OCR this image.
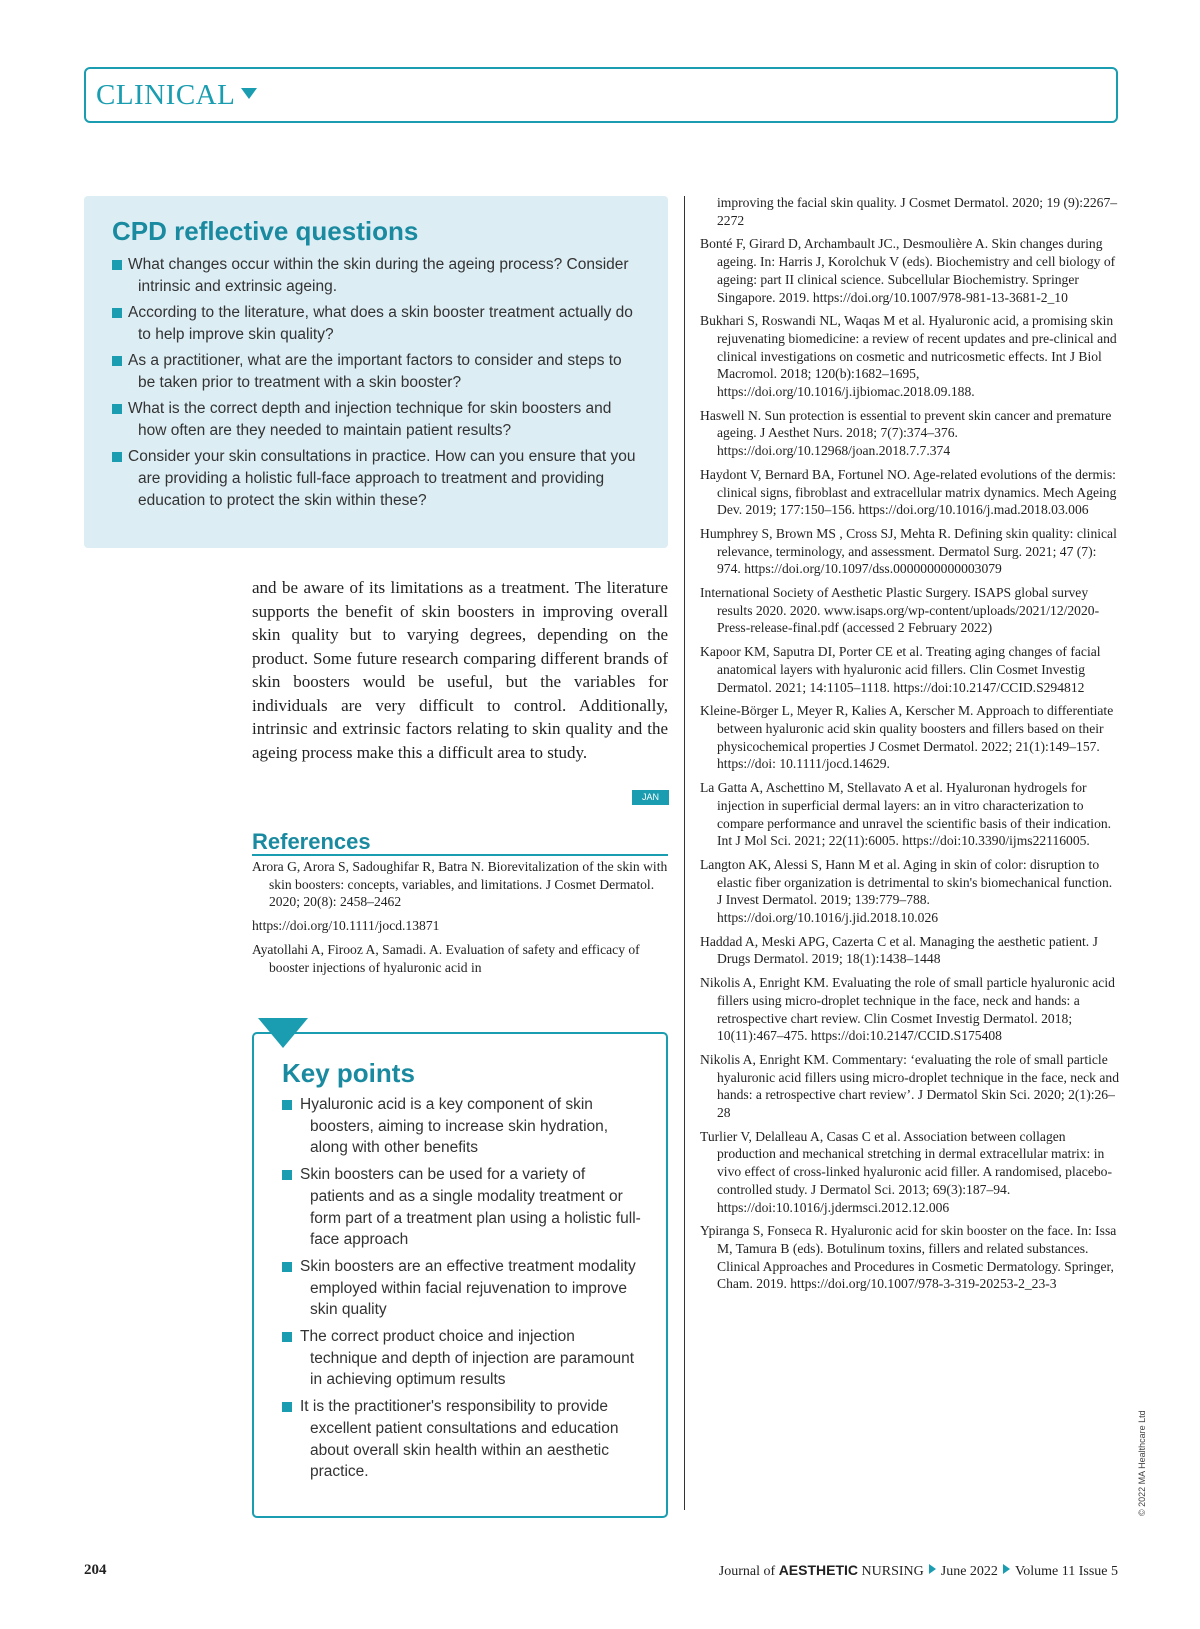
CLINICAL
CPD reflective questions
What changes occur within the skin during the ageing process? Consider intrinsic and extrinsic ageing.
According to the literature, what does a skin booster treatment actually do to help improve skin quality?
As a practitioner, what are the important factors to consider and steps to be taken prior to treatment with a skin booster?
What is the correct depth and injection technique for skin boosters and how often are they needed to maintain patient results?
Consider your skin consultations in practice. How can you ensure that you are providing a holistic full-face approach to treatment and providing education to protect the skin within these?

and be aware of its limitations as a treatment. The literature supports the benefit of skin boosters in improving overall skin quality but to varying degrees, depending on the product. Some future research comparing different brands of skin boosters would be useful, but the variables for individuals are very difficult to control. Additionally, intrinsic and extrinsic factors relating to skin quality and the ageing process make this a difficult area to study.

JAN
References

Arora G, Arora S, Sadoughifar R, Batra N. Biorevitalization of the skin with skin boosters: concepts, variables, and limitations. J Cosmet Dermatol. 2020; 20(8): 2458–2462

https://doi.org/10.1111/jocd.13871

Ayatollahi A, Firooz A, Samadi. A. Evaluation of safety and efficacy of booster injections of hyaluronic acid in

improving the facial skin quality. J Cosmet Dermatol. 2020; 19 (9):2267–2272

Bonté F, Girard D, Archambault JC., Desmoulière A. Skin changes during ageing. In: Harris J, Korolchuk V (eds). Biochemistry and cell biology of ageing: part II clinical science. Subcellular Biochemistry. Springer Singapore. 2019. https://doi.org/10.1007/978-981-13-3681-2_10

Bukhari S, Roswandi NL, Waqas M et al. Hyaluronic acid, a promising skin rejuvenating biomedicine: a review of recent updates and pre-clinical and clinical investigations on cosmetic and nutricosmetic effects. Int J Biol Macromol. 2018; 120(b):1682–1695, https://doi.org/10.1016/j.ijbiomac.2018.09.188.

Haswell N. Sun protection is essential to prevent skin cancer and premature ageing. J Aesthet Nurs. 2018; 7(7):374–376. https://doi.org/10.12968/joan.2018.7.7.374

Haydont V, Bernard BA, Fortunel NO. Age-related evolutions of the dermis: clinical signs, fibroblast and extracellular matrix dynamics. Mech Ageing Dev. 2019; 177:150–156. https://doi.org/10.1016/j.mad.2018.03.006

Humphrey S, Brown MS , Cross SJ, Mehta R. Defining skin quality: clinical relevance, terminology, and assessment. Dermatol Surg. 2021; 47 (7): 974. https://doi.org/10.1097/dss.0000000000003079

International Society of Aesthetic Plastic Surgery. ISAPS global survey results 2020. 2020. www.isaps.org/wp-content/uploads/2021/12/2020-Press-release-final.pdf (accessed 2 February 2022)

Kapoor KM, Saputra DI, Porter CE et al. Treating aging changes of facial anatomical layers with hyaluronic acid fillers. Clin Cosmet Investig Dermatol. 2021; 14:1105–1118. https://doi:10.2147/CCID.S294812

Kleine-Börger L, Meyer R, Kalies A, Kerscher M. Approach to differentiate between hyaluronic acid skin quality boosters and fillers based on their physicochemical properties J Cosmet Dermatol. 2022; 21(1):149–157. https://doi: 10.1111/jocd.14629.

La Gatta A, Aschettino M, Stellavato A et al. Hyaluronan hydrogels for injection in superficial dermal layers: an in vitro characterization to compare performance and unravel the scientific basis of their indication. Int J Mol Sci. 2021; 22(11):6005. https://doi:10.3390/ijms22116005.

Langton AK, Alessi S, Hann M et al. Aging in skin of color: disruption to elastic fiber organization is detrimental to skin's biomechanical function. J Invest Dermatol. 2019; 139:779–788. https://doi.org/10.1016/j.jid.2018.10.026

Haddad A, Meski APG, Cazerta C et al. Managing the aesthetic patient. J Drugs Dermatol. 2019; 18(1):1438–1448

Nikolis A, Enright KM. Evaluating the role of small particle hyaluronic acid fillers using micro-droplet technique in the face, neck and hands: a retrospective chart review. Clin Cosmet Investig Dermatol. 2018; 10(11):467–475. https://doi:10.2147/CCID.S175408

Nikolis A, Enright KM. Commentary: ‘evaluating the role of small particle hyaluronic acid fillers using micro-droplet technique in the face, neck and hands: a retrospective chart review’. J Dermatol Skin Sci. 2020; 2(1):26–28

Turlier V, Delalleau A, Casas C et al. Association between collagen production and mechanical stretching in dermal extracellular matrix: in vivo effect of cross-linked hyaluronic acid filler. A randomised, placebo-controlled study. J Dermatol Sci. 2013; 69(3):187–94. https://doi:10.1016/j.jdermsci.2012.12.006

Ypiranga S, Fonseca R. Hyaluronic acid for skin booster on the face. In: Issa M, Tamura B (eds). Botulinum toxins, fillers and related substances. Clinical Approaches and Procedures in Cosmetic Dermatology. Springer, Cham. 2019. https://doi.org/10.1007/978-3-319-20253-2_23-3

Key points
Hyaluronic acid is a key component of skin boosters, aiming to increase skin hydration, along with other benefits
Skin boosters can be used for a variety of patients and as a single modality treatment or form part of a treatment plan using a holistic full-face approach
Skin boosters are an effective treatment modality employed within facial rejuvenation to improve skin quality
The correct product choice and injection technique and depth of injection are paramount in achieving optimum results
It is the practitioner's responsibility to provide excellent patient consultations and education about overall skin health within an aesthetic practice.	© 2022 MA Healthcare Ltd
204	Journal of AESTHETIC NURSING June 2022 Volume 11 Issue 5
